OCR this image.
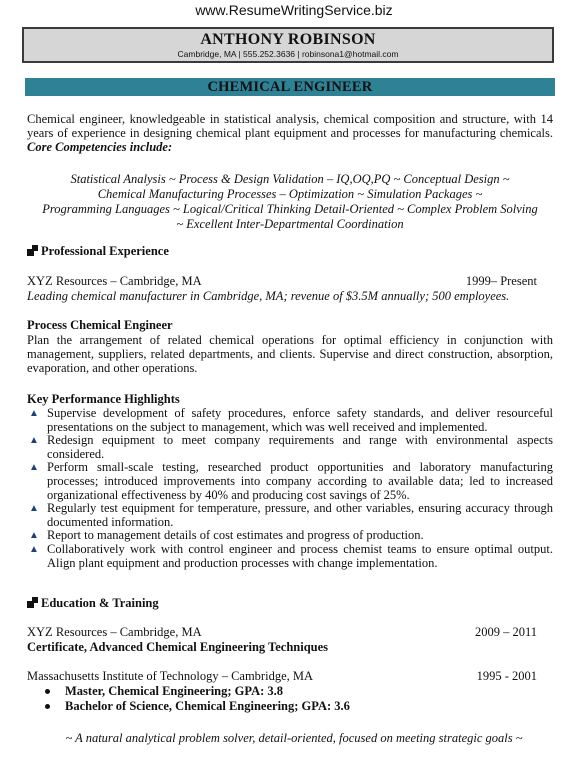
www.ResumeWritingService.biz
ANTHONY ROBINSON
Cambridge, MA | 555.252.3636 | robinsona1@hotmail.com
CHEMICAL ENGINEER
Chemical engineer, knowledgeable in statistical analysis, chemical composition and structure, with 14 years of experience in designing chemical plant equipment and processes for manufacturing chemicals. Core Competencies include:
Statistical Analysis ~ Process & Design Validation – IQ,OQ,PQ ~ Conceptual Design ~
Chemical Manufacturing Processes – Optimization ~ Simulation Packages ~
Programming Languages ~ Logical/Critical Thinking Detail-Oriented ~ Complex Problem Solving
~ Excellent Inter-Departmental Coordination
Professional Experience
XYZ Resources – Cambridge, MA	1999– Present
Leading chemical manufacturer in Cambridge, MA; revenue of $3.5M annually; 500 employees.
Process Chemical Engineer
Plan the arrangement of related chemical operations for optimal efficiency in conjunction with management, suppliers, related departments, and clients. Supervise and direct construction, absorption, evaporation, and other operations.
Key Performance Highlights
▲ Supervise development of safety procedures, enforce safety standards, and deliver resourceful presentations on the subject to management, which was well received and implemented.
▲ Redesign equipment to meet company requirements and range with environmental aspects considered.
▲ Perform small-scale testing, researched product opportunities and laboratory manufacturing processes; introduced improvements into company according to available data; led to increased organizational effectiveness by 40% and producing cost savings of 25%.
▲ Regularly test equipment for temperature, pressure, and other variables, ensuring accuracy through documented information.
▲ Report to management details of cost estimates and progress of production.
▲ Collaboratively work with control engineer and process chemist teams to ensure optimal output. Align plant equipment and production processes with change implementation.
Education & Training
XYZ Resources – Cambridge, MA	2009 – 2011
Certificate, Advanced Chemical Engineering Techniques
Massachusetts Institute of Technology – Cambridge, MA	1995 - 2001
Master, Chemical Engineering; GPA: 3.8
Bachelor of Science, Chemical Engineering; GPA: 3.6
~ A natural analytical problem solver, detail-oriented, focused on meeting strategic goals ~
